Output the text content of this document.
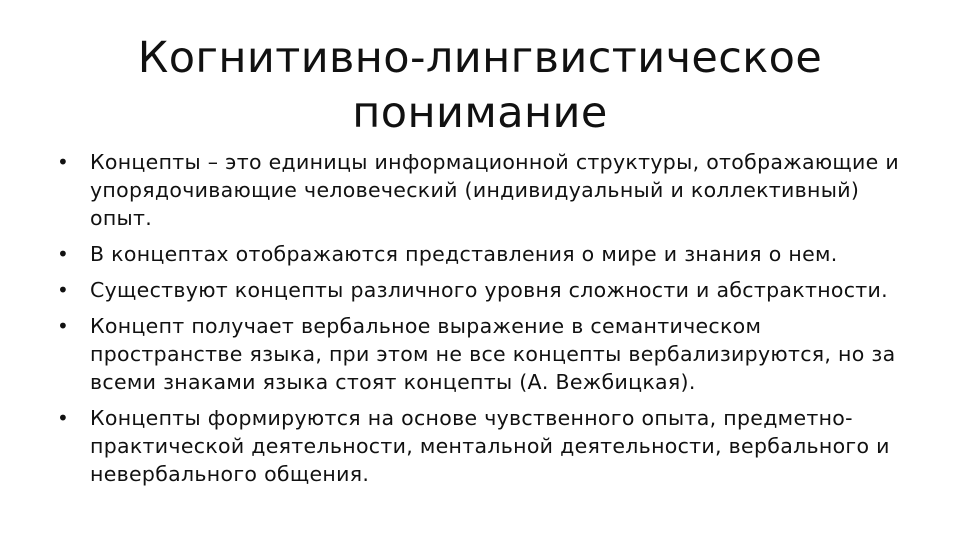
Когнитивно-лингвистическое понимание
•	Концепты – это единицы информационной структуры, отображающие и упорядочивающие человеческий (индивидуальный и коллективный) опыт.
•	В концептах отображаются представления о мире и знания о нем.
•	Существуют концепты различного уровня сложности и абстрактности.
•	Концепт получает вербальное выражение в семантическом пространстве языка, при этом не все концепты вербализируются, но за всеми знаками языка стоят концепты (А. Вежбицкая).
•	Концепты формируются на основе чувственного опыта, предметно-практической деятельности, ментальной деятельности, вербального и невербального общения.
